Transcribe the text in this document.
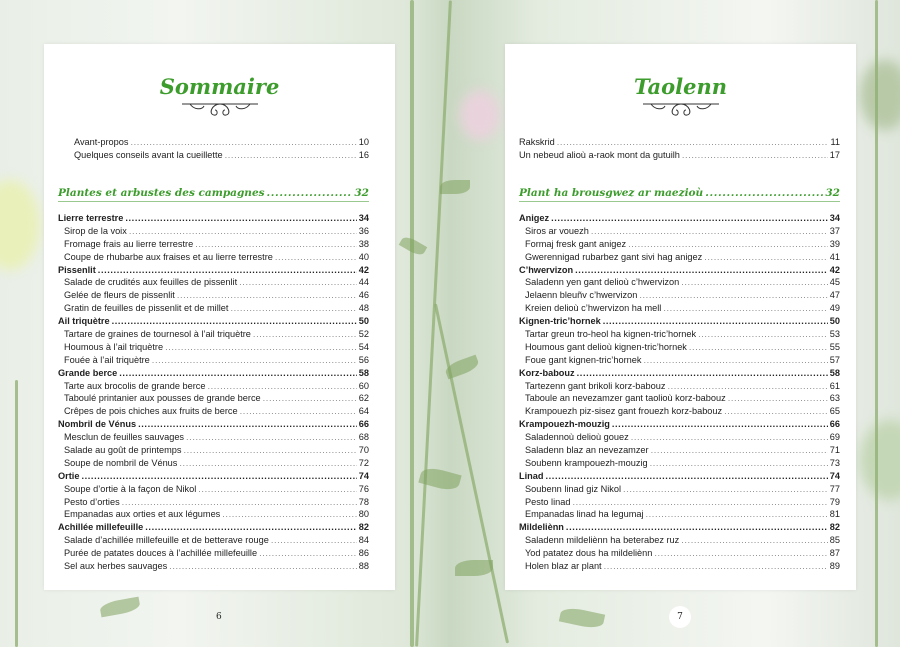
Sommaire
Avant-propos .....	10
Quelques conseils avant la cueillette .....	16
Plantes et arbustes des campagnes .....	32
Lierre terrestre .....	34
Sirop de la voix .....	36
Fromage frais au lierre terrestre .....	38
Coupe de rhubarbe aux fraises et au lierre terrestre .....	40
Pissenlit .....	42
Salade de crudités aux feuilles de pissenlit .....	44
Gelée de fleurs de pissenlit .....	46
Gratin de feuilles de pissenlit et de millet .....	48
Ail triquètre .....	50
Tartare de graines de tournesol à l’ail triquètre .....	52
Houmous à l’ail triquètre .....	54
Fouée à l’ail triquètre .....	56
Grande berce .....	58
Tarte aux brocolis de grande berce .....	60
Taboulé printanier aux pousses de grande berce .....	62
Crêpes de pois chiches aux fruits de berce .....	64
Nombril de Vénus .....	66
Mesclun de feuilles sauvages .....	68
Salade au goût de printemps .....	70
Soupe de nombril de Vénus .....	72
Ortie .....	74
Soupe d’ortie à la façon de Nikol .....	76
Pesto d’orties .....	78
Empanadas aux orties et aux légumes .....	80
Achillée millefeuille .....	82
Salade d’achillée millefeuille et de betterave rouge .....	84
Purée de patates douces à l’achillée millefeuille .....	86
Sel aux herbes sauvages .....	88
6
Taolenn
Rakskrid .....	11
Un nebeud alioù a-raok mont da gutuilh .....	17
Plant ha brousgwez ar maezioù .....	32
Anigez .....	34
Siros ar vouezh .....	37
Formaj fresk gant anigez .....	39
Gwerennigad rubarbez gant sivi hag anigez .....	41
C’hwervizon .....	42
Saladenn yen gant delioù c’hwervizon .....	45
Jelaenn bleuñv c’hwervizon .....	47
Kreien delioù c’hwervizon ha mell .....	49
Kignen-tric’hornek .....	50
Tartar greun tro-heol ha kignen-tric’hornek .....	53
Houmous gant delioù kignen-tric’hornek .....	55
Foue gant kignen-tric’hornek .....	57
Korz-babouz .....	58
Tartezenn gant brikoli korz-babouz .....	61
Taboule an nevezamzer gant taolioù korz-babouz .....	63
Krampouezh piz-sisez gant frouezh korz-babouz .....	65
Krampouezh-mouzig .....	66
Saladennoù delioù gouez .....	69
Saladenn blaz an nevezamzer .....	71
Soubenn krampouezh-mouzig .....	73
Linad .....	74
Soubenn linad giz Nikol .....	77
Pesto linad .....	79
Empanadas linad ha legumaj .....	81
Mildeliènn .....	82
Saladenn mildeliènn ha beterabez ruz .....	85
Yod patatez dous ha mildeliènn .....	87
Holen blaz ar plant .....	89
7
